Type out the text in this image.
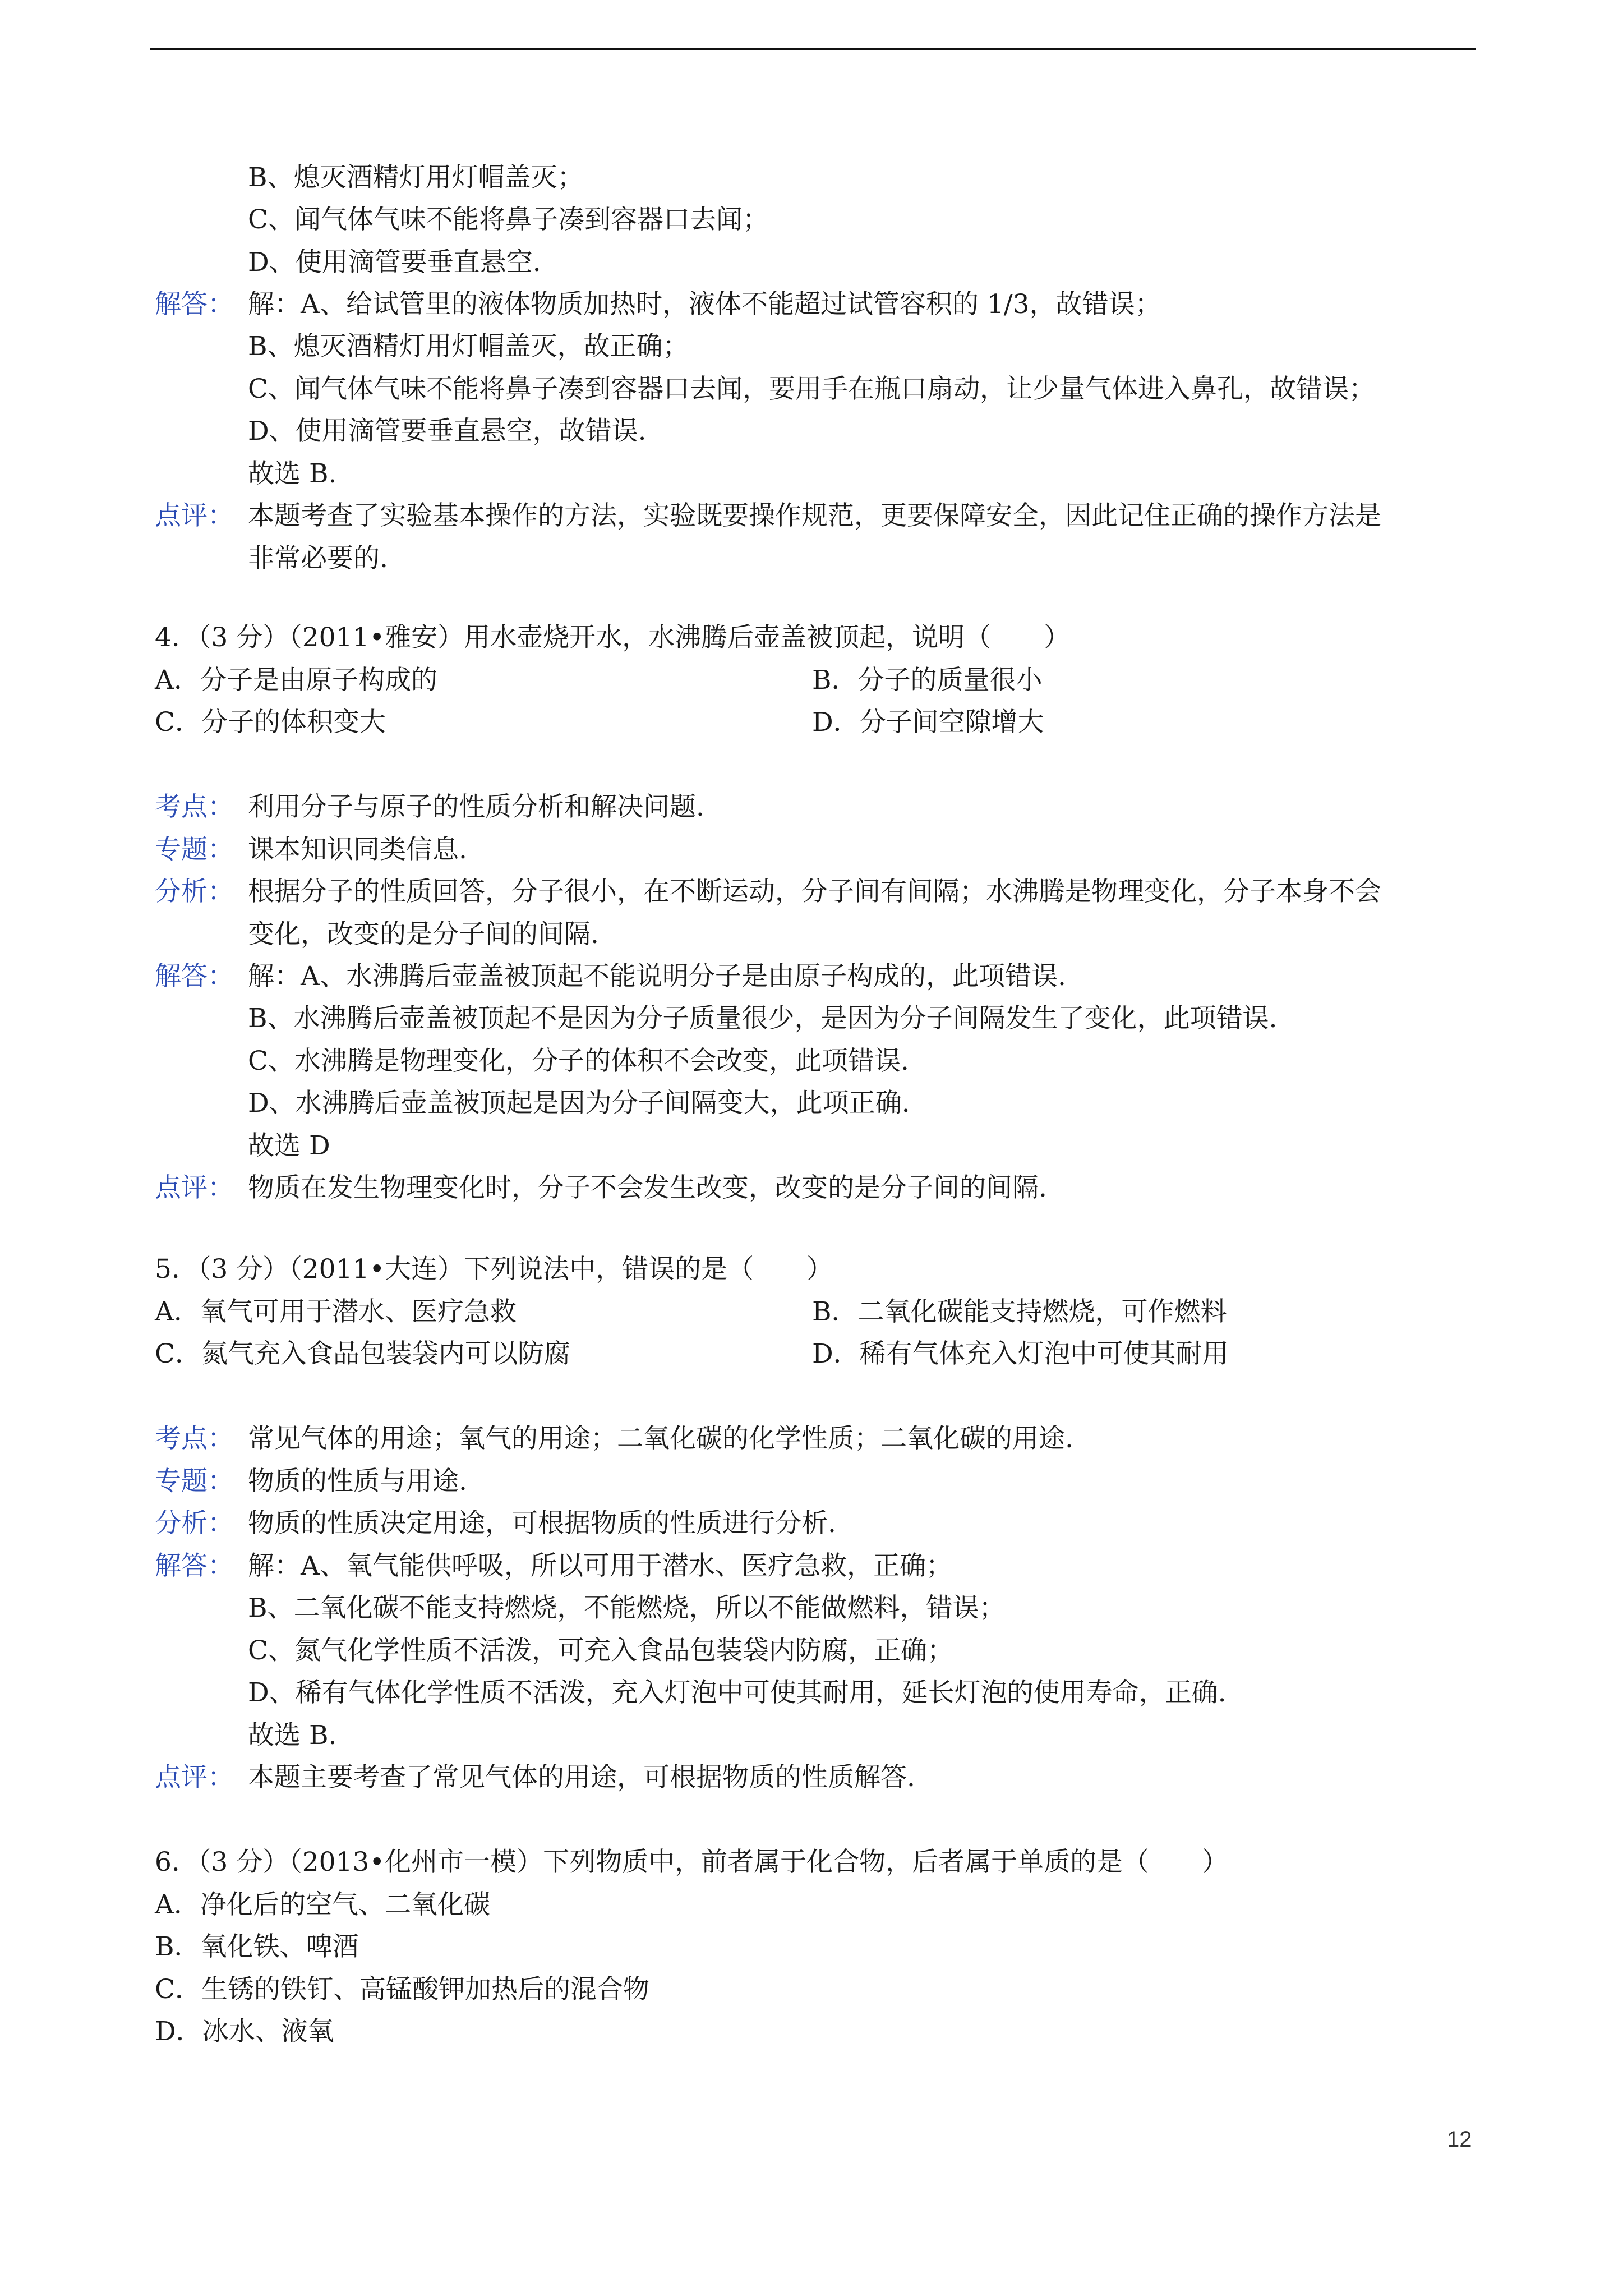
B、熄灭酒精灯用灯帽盖灭；
C、闻气体气味不能将鼻子凑到容器口去闻；
D、使用滴管要垂直悬空.
解答： 解：A、给试管里的液体物质加热时，液体不能超过试管容积的 1/3，故错误；
B、熄灭酒精灯用灯帽盖灭，故正确；
C、闻气体气味不能将鼻子凑到容器口去闻，要用手在瓶口扇动，让少量气体进入鼻孔，故错误；
D、使用滴管要垂直悬空，故错误.
故选 B.
点评： 本题考查了实验基本操作的方法，实验既要操作规范，更要保障安全，因此记住正确的操作方法是
非常必要的.
4．（3 分）（2011•雅安）用水壶烧开水，水沸腾后壶盖被顶起，说明（　　）
A．分子是由原子构成的	B．分子的质量很小
C．分子的体积变大	D．分子间空隙增大
考点： 利用分子与原子的性质分析和解决问题.
专题： 课本知识同类信息.
分析： 根据分子的性质回答，分子很小，在不断运动，分子间有间隔；水沸腾是物理变化，分子本身不会
变化，改变的是分子间的间隔.
解答： 解：A、水沸腾后壶盖被顶起不能说明分子是由原子构成的，此项错误.
B、水沸腾后壶盖被顶起不是因为分子质量很少，是因为分子间隔发生了变化，此项错误.
C、水沸腾是物理变化，分子的体积不会改变，此项错误.
D、水沸腾后壶盖被顶起是因为分子间隔变大，此项正确.
故选 D
点评： 物质在发生物理变化时，分子不会发生改变，改变的是分子间的间隔.
5．（3 分）（2011•大连）下列说法中，错误的是（　　）
A．氧气可用于潜水、医疗急救	B．二氧化碳能支持燃烧，可作燃料
C．氮气充入食品包装袋内可以防腐	D．稀有气体充入灯泡中可使其耐用
考点： 常见气体的用途；氧气的用途；二氧化碳的化学性质；二氧化碳的用途.
专题： 物质的性质与用途.
分析： 物质的性质决定用途，可根据物质的性质进行分析.
解答： 解：A、氧气能供呼吸，所以可用于潜水、医疗急救，正确；
B、二氧化碳不能支持燃烧，不能燃烧，所以不能做燃料，错误；
C、氮气化学性质不活泼，可充入食品包装袋内防腐，正确；
D、稀有气体化学性质不活泼，充入灯泡中可使其耐用，延长灯泡的使用寿命，正确.
故选 B.
点评： 本题主要考查了常见气体的用途，可根据物质的性质解答.
6．（3 分）（2013•化州市一模）下列物质中，前者属于化合物，后者属于单质的是（　　）
A．净化后的空气、二氧化碳
B．氧化铁、啤酒
C．生锈的铁钉、高锰酸钾加热后的混合物
D．冰水、液氧
12
